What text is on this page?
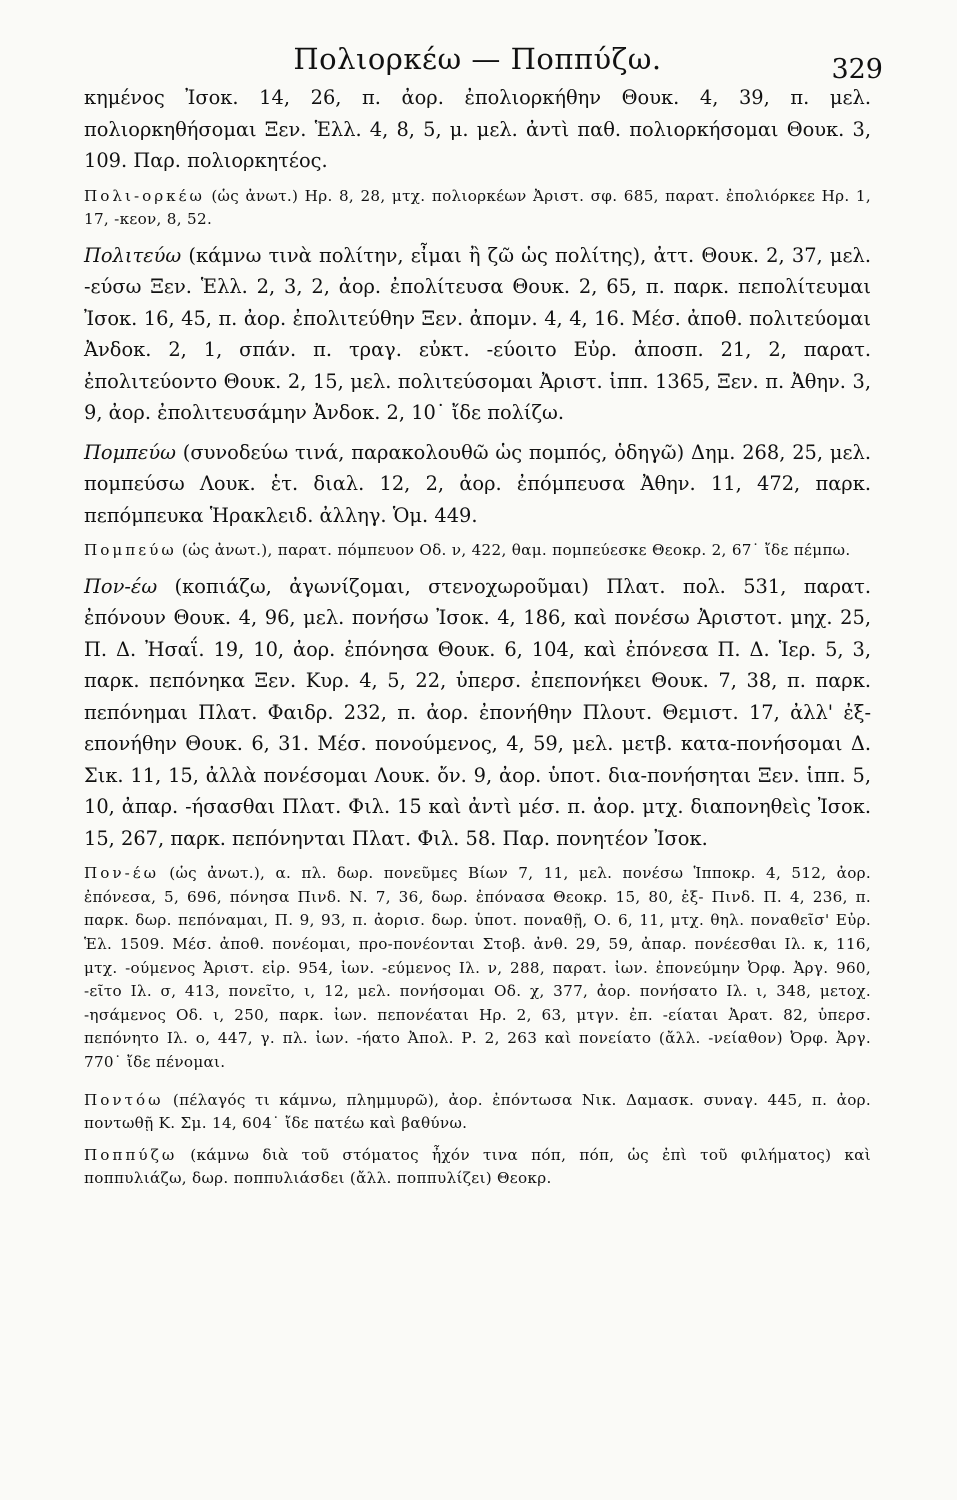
Πολιορκέω — Ποππύζω.	329

κημένος Ἰσοκ. 14, 26, π. ἀορ. ἐπολιορκήθην Θουκ. 4, 39, π. μελ. πολιορκηθήσομαι Ξεν. Ἑλλ. 4, 8, 5, μ. μελ. ἀντὶ παθ. πολιορκήσομαι Θουκ. 3, 109. Παρ. πολιορκητέος.

Πολι-ορκέω (ὡς ἀνωτ.) Ηρ. 8, 28, μτχ. πολιορκέων Ἀριστ. σφ. 685, παρατ. ἐπολιόρκεε Ηρ. 1, 17, -κεον, 8, 52.

Πολιτεύω (κάμνω τινὰ πολίτην, εἶμαι ἢ ζῶ ὡς πολίτης), ἀττ. Θουκ. 2, 37, μελ. -εύσω Ξεν. Ἑλλ. 2, 3, 2, ἀορ. ἐπολίτευσα Θουκ. 2, 65, π. παρκ. πεπολίτευμαι Ἰσοκ. 16, 45, π. ἀορ. ἐπολιτεύθην Ξεν. ἀπομν. 4, 4, 16. Μέσ. ἀποθ. πολιτεύομαι Ἀνδοκ. 2, 1, σπάν. π. τραγ. εὐκτ. -εύοιτο Εὐρ. ἀποσπ. 21, 2, παρατ. ἐπολιτεύοντο Θουκ. 2, 15, μελ. πολιτεύσομαι Ἀριστ. ἱππ. 1365, Ξεν. π. Ἀθην. 3, 9, ἀορ. ἐπολιτευσάμην Ἀνδοκ. 2, 10˙ ἴδε πολίζω.

Πομπεύω (συνοδεύω τινά, παρακολουθῶ ὡς πομπός, ὁδηγῶ) Δημ. 268, 25, μελ. πομπεύσω Λουκ. ἑτ. διαλ. 12, 2, ἀορ. ἐπόμπευσα Ἀθην. 11, 472, παρκ. πεπόμπευκα Ἡρακλειδ. ἀλληγ. Ὁμ. 449.

Πομπεύω (ὡς ἀνωτ.), παρατ. πόμπευον Οδ. ν, 422, θαμ. πομπεύεσκε Θεοκρ. 2, 67˙ ἴδε πέμπω.

Πον-έω (κοπιάζω, ἀγωνίζομαι, στενοχωροῦμαι) Πλατ. πολ. 531, παρατ. ἐπόνουν Θουκ. 4, 96, μελ. πονήσω Ἰσοκ. 4, 186, καὶ πονέσω Ἀριστοτ. μηχ. 25, Π. Δ. Ἠσαΐ. 19, 10, ἀορ. ἐπόνησα Θουκ. 6, 104, καὶ ἐπόνεσα Π. Δ. Ἱερ. 5, 3, παρκ. πεπόνηκα Ξεν. Κυρ. 4, 5, 22, ὑπερσ. ἐπεπονήκει Θουκ. 7, 38, π. παρκ. πεπόνημαι Πλατ. Φαιδρ. 232, π. ἀορ. ἐπονήθην Πλουτ. Θεμιστ. 17, ἀλλ' ἐξ-επονήθην Θουκ. 6, 31. Μέσ. πονούμενος, 4, 59, μελ. μετβ. κατα-πονήσομαι Δ. Σικ. 11, 15, ἀλλὰ πονέσομαι Λουκ. ὄν. 9, ἀορ. ὑποτ. δια-πονήσηται Ξεν. ἱππ. 5, 10, ἀπαρ. -ήσασθαι Πλατ. Φιλ. 15 καὶ ἀντὶ μέσ. π. ἀορ. μτχ. διαπονηθεὶς Ἰσοκ. 15, 267, παρκ. πεπόνηνται Πλατ. Φιλ. 58. Παρ. πονητέον Ἰσοκ.

Πον-έω (ὡς ἀνωτ.), α. πλ. δωρ. πονεῦμες Βίων 7, 11, μελ. πονέσω Ἱπποκρ. 4, 512, ἀορ. ἐπόνεσα, 5, 696, πόνησα Πινδ. Ν. 7, 36, δωρ. ἐπόνασα Θεοκρ. 15, 80, ἐξ- Πινδ. Π. 4, 236, π. παρκ. δωρ. πεπόναμαι, Π. 9, 93, π. ἀορισ. δωρ. ὑποτ. ποναθῇ, Ο. 6, 11, μτχ. θηλ. ποναθεῖσ' Εὐρ. Ἑλ. 1509. Μέσ. ἀποθ. πονέομαι, προ-πονέονται Στοβ. ἀνθ. 29, 59, ἀπαρ. πονέεσθαι Ιλ. κ, 116, μτχ. -ούμενος Ἀριστ. εἰρ. 954, ἰων. -εύμενος Ιλ. ν, 288, παρατ. ἰων. ἐπονεύμην Ὀρφ. Ἀργ. 960, -εῖτο Ιλ. σ, 413, πονεῖτο, ι, 12, μελ. πονήσομαι Οδ. χ, 377, ἀορ. πονήσατο Ιλ. ι, 348, μετοχ. -ησάμενος Οδ. ι, 250, παρκ. ἰων. πεπονέαται Ηρ. 2, 63, μτγν. ἐπ. -είαται Ἀρατ. 82, ὑπερσ. πεπόνητο Ιλ. ο, 447, γ. πλ. ἰων. -ήατο Ἀπολ. Ρ. 2, 263 καὶ πονείατο (ἄλλ. -νείαθον) Ὀρφ. Ἀργ. 770˙ ἴδε πένομαι.

Ποντόω (πέλαγός τι κάμνω, πλημμυρῶ), ἀορ. ἐπόντωσα Νικ. Δαμασκ. συναγ. 445, π. ἀορ. ποντωθῇ Κ. Σμ. 14, 604˙ ἴδε πατέω καὶ βαθύνω.

Ποππύζω (κάμνω διὰ τοῦ στόματος ἦχόν τινα πόπ, πόπ, ὡς ἐπὶ τοῦ φιλήματος) καὶ ποππυλιάζω, δωρ. ποππυλιάσδει (ἄλλ. ποππυλίζει) Θεοκρ.
